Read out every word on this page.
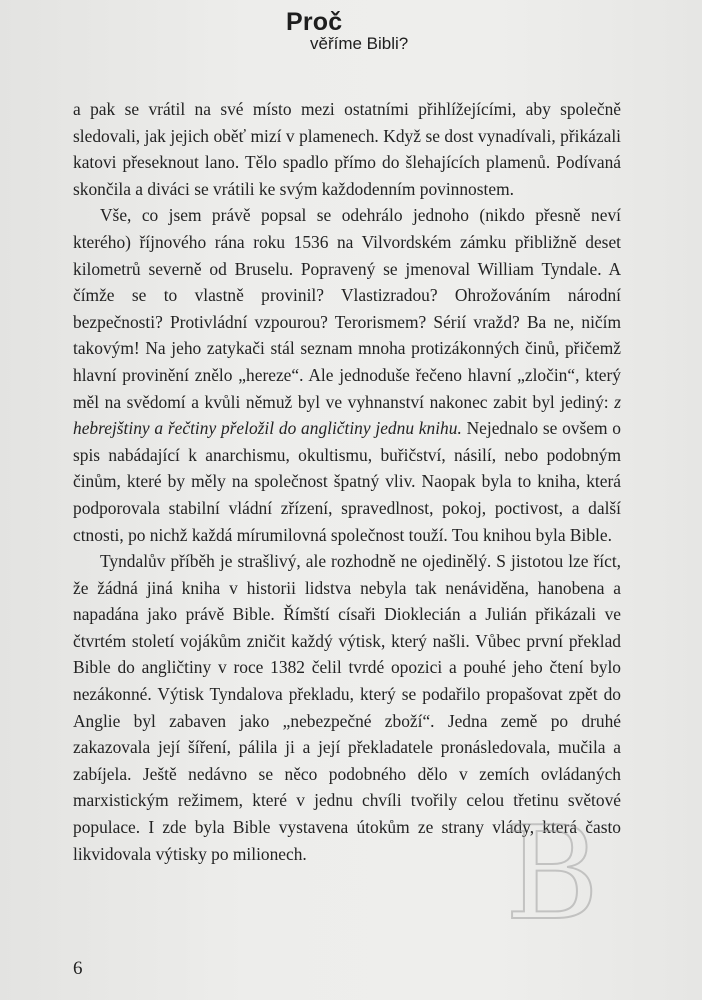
Proč
věříme Bibli?

a pak se vrátil na své místo mezi ostatními přihlížejícími, aby společně sledovali, jak jejich oběť mizí v plamenech. Když se dost vynadívali, přikázali katovi přeseknout lano. Tělo spadlo přímo do šlehajících plamenů. Podívaná skončila a diváci se vrátili ke svým každodenním povinnostem.

Vše, co jsem právě popsal se odehrálo jednoho (nikdo přesně neví kterého) říjnového rána roku 1536 na Vilvordském zámku přibližně deset kilometrů severně od Bruselu. Popravený se jmenoval William Tyndale. A čímže se to vlastně provinil? Vlastizradou? Ohrožováním národní bezpečnosti? Protivládní vzpourou? Terorismem? Sérií vražd? Ba ne, ničím takovým! Na jeho zatykači stál seznam mnoha protizákonných činů, přičemž hlavní provinění znělo „hereze“. Ale jednoduše řečeno hlavní „zločin“, který měl na svědomí a kvůli němuž byl ve vyhnanství nakonec zabit byl jediný: z hebrejštiny a řečtiny přeložil do angličtiny jednu knihu. Nejednalo se ovšem o spis nabádající k anarchismu, okultismu, buřičství, násilí, nebo podobným činům, které by měly na společnost špatný vliv. Naopak byla to kniha, která podporovala stabilní vládní zřízení, spravedlnost, pokoj, poctivost, a další ctnosti, po nichž každá mírumilovná společnost touží. Tou knihou byla Bible.

Tyndalův příběh je strašlivý, ale rozhodně ne ojedinělý. S jistotou lze říct, že žádná jiná kniha v historii lidstva nebyla tak nenáviděna, hanobena a napadána jako právě Bible. Římští císaři Dioklecián a Julián přikázali ve čtvrtém století vojákům zničit každý výtisk, který našli. Vůbec první překlad Bible do angličtiny v roce 1382 čelil tvrdé opozici a pouhé jeho čtení bylo nezákonné. Výtisk Tyndalova překladu, který se podařilo propašovat zpět do Anglie byl zabaven jako „nebezpečné zboží“. Jedna země po druhé zakazovala její šíření, pálila ji a její překladatele pronásledovala, mučila a zabíjela. Ještě nedávno se něco podobného dělo v zemích ovládaných marxistickým režimem, které v jednu chvíli tvořily celou třetinu světové populace. I zde byla Bible vystavena útokům ze strany vlády, která často likvidovala výtisky po milionech.

6
B
